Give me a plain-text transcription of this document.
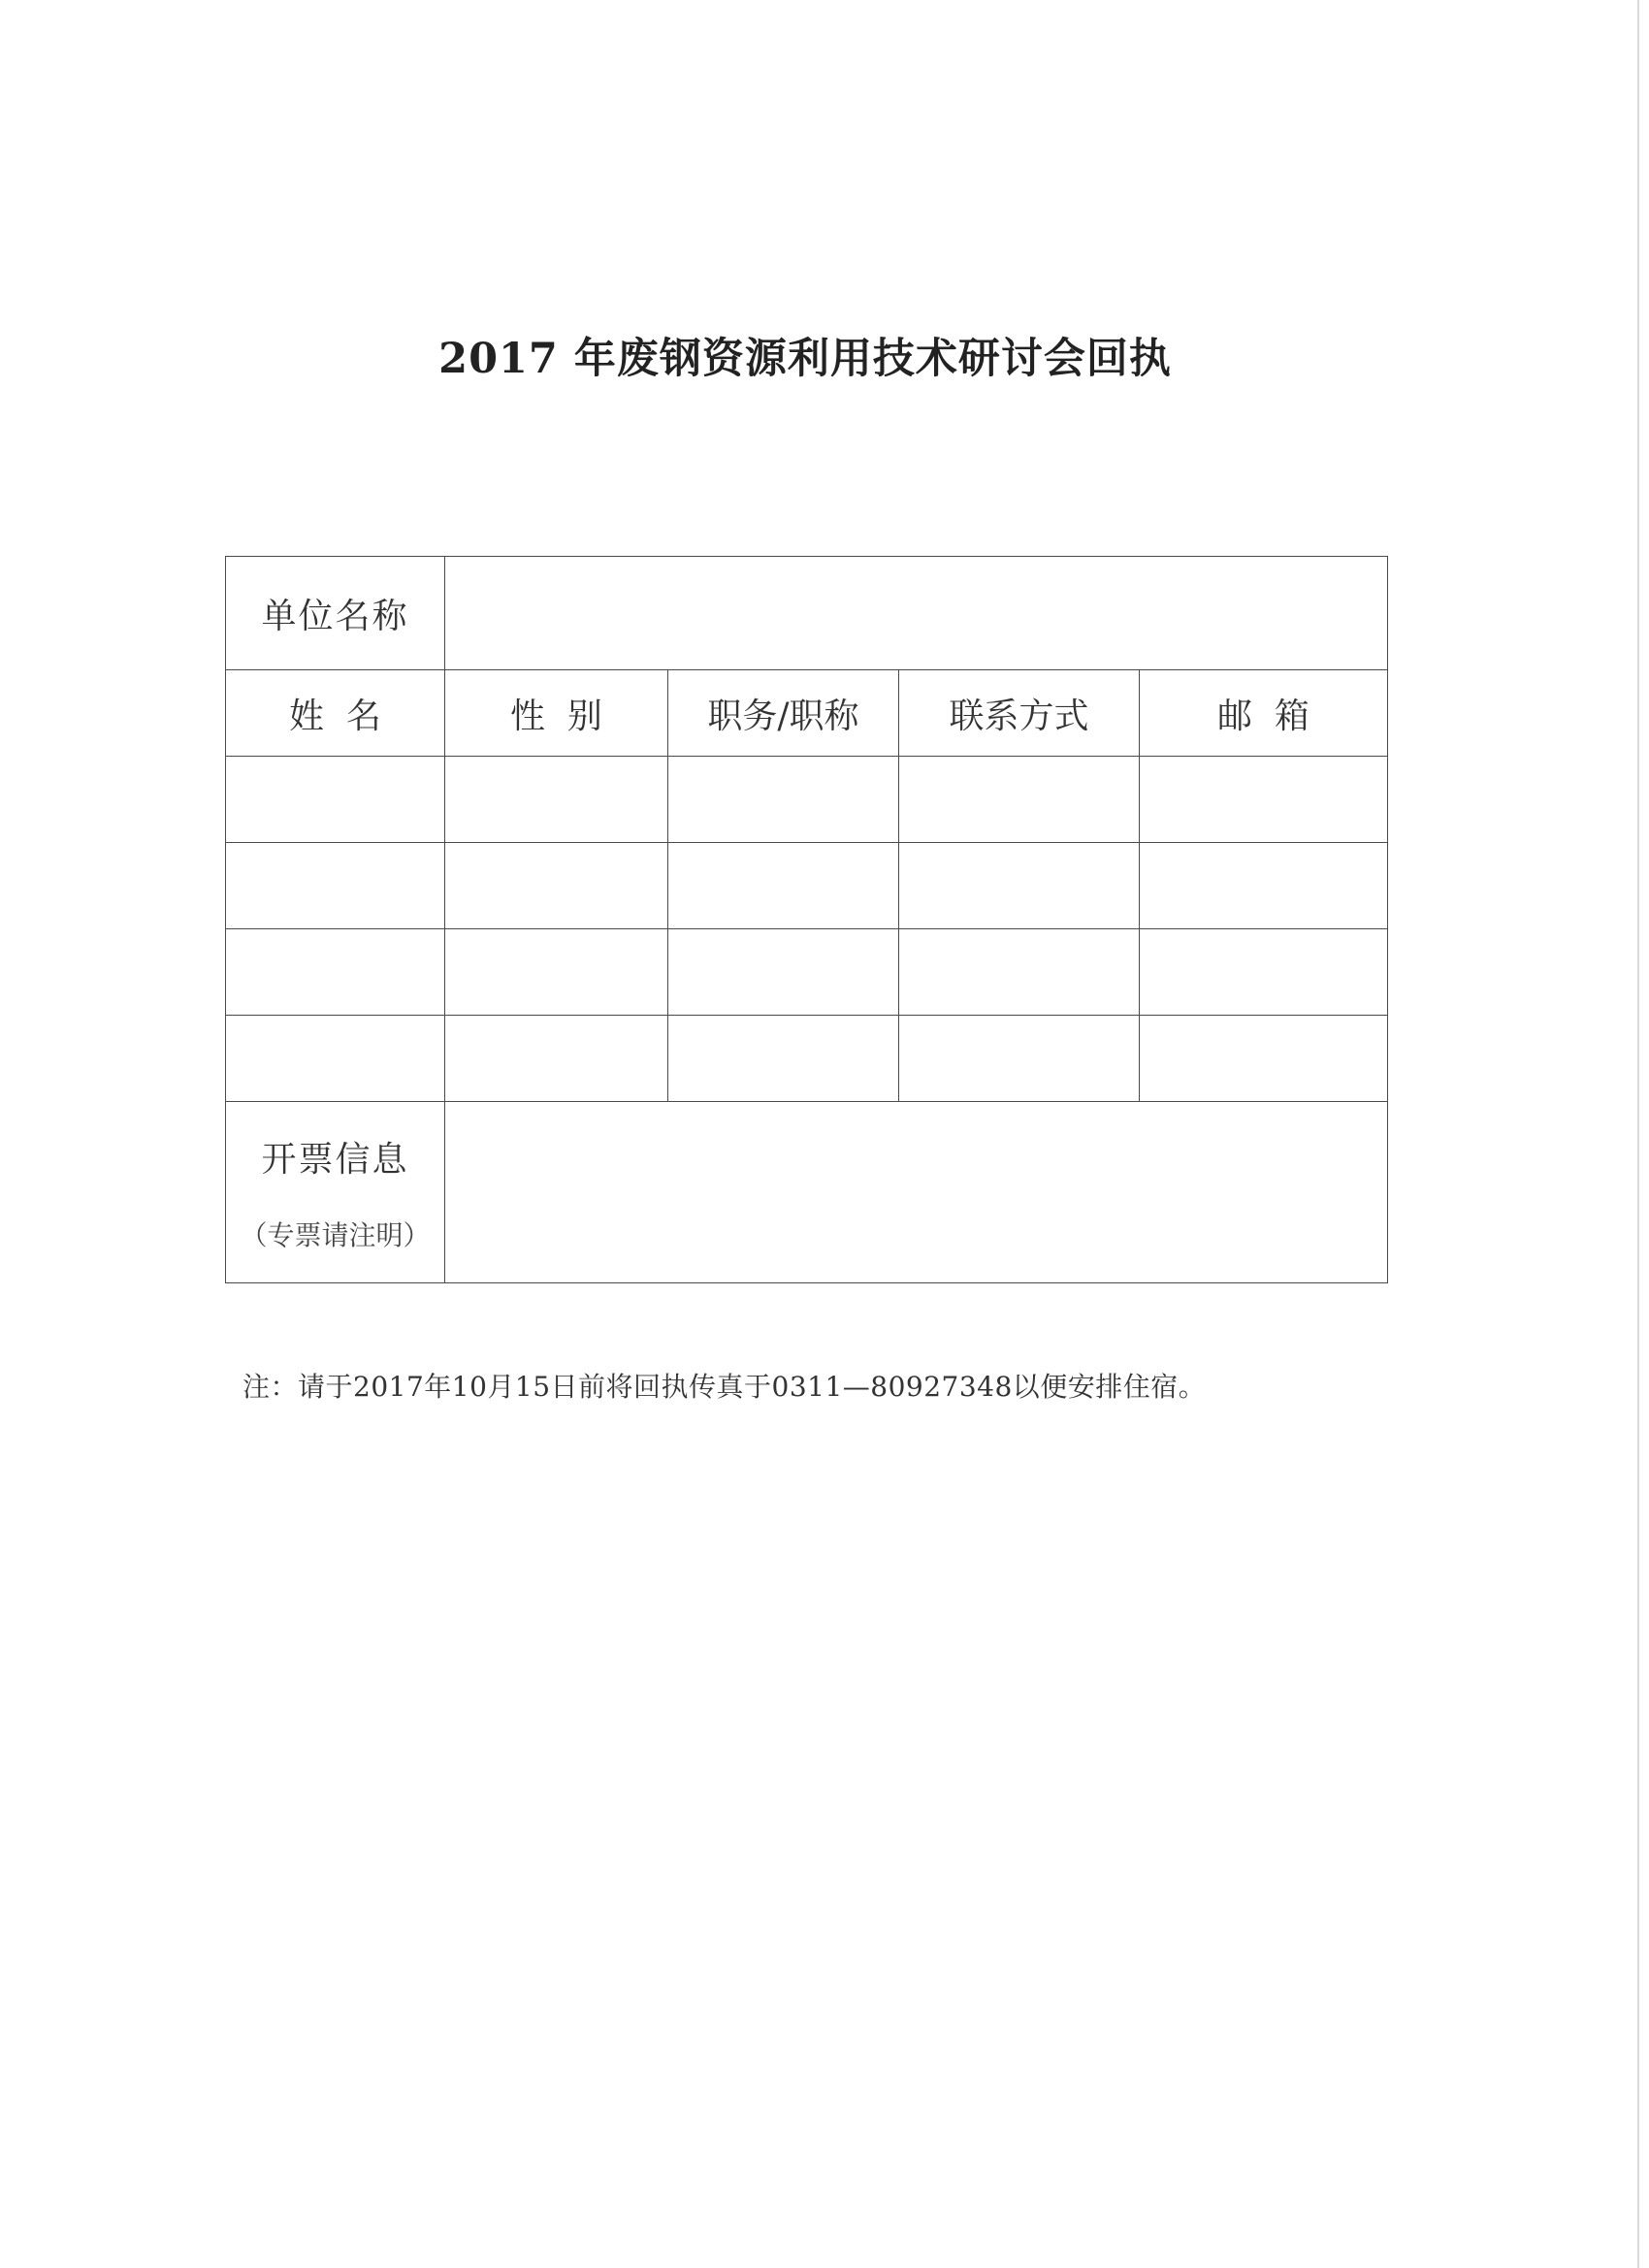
2017 年废钢资源利用技术研讨会回执
单位名称				
姓  名	性  别	职务/职称	联系方式	邮  箱

开票信息
（专票请注明）				

注：请于2017年10月15日前将回执传真于0311—80927348以便安排住宿。
